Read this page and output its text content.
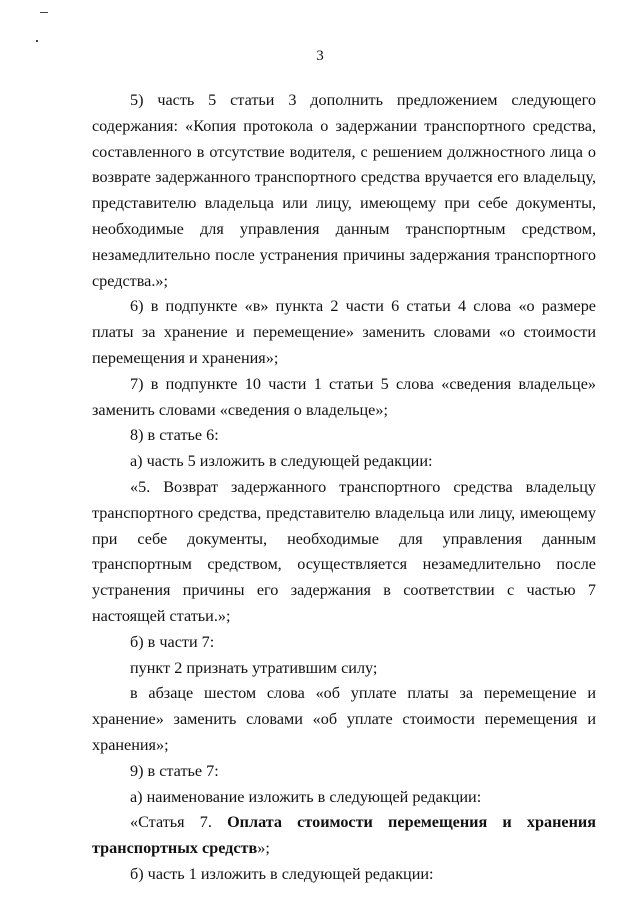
3

5) часть 5 статьи 3 дополнить предложением следующего содержания: «Копия протокола о задержании транспортного средства, составленного в отсутствие водителя, с решением должностного лица о возврате задержанного транспортного средства вручается его владельцу, представителю владельца или лицу, имеющему при себе документы, необходимые для управления данным транспортным средством, незамедлительно после устранения причины задержания транспортного средства.»;

6) в подпункте «в» пункта 2 части 6 статьи 4 слова «о размере платы за хранение и перемещение» заменить словами «о стоимости перемещения и хранения»;

7) в подпункте 10 части 1 статьи 5 слова «сведения владельце» заменить словами «сведения о владельце»;

8) в статье 6:

а) часть 5 изложить в следующей редакции:

«5. Возврат задержанного транспортного средства владельцу транспортного средства, представителю владельца или лицу, имеющему при себе документы, необходимые для управления данным транспортным средством, осуществляется незамедлительно после устранения причины его задержания в соответствии с частью 7 настоящей статьи.»;

б) в части 7:

пункт 2 признать утратившим силу;

в абзаце шестом слова «об уплате платы за перемещение и хранение» заменить словами «об уплате стоимости перемещения и хранения»;

9) в статье 7:

а) наименование изложить в следующей редакции:

«Статья 7. Оплата стоимости перемещения и хранения

транспортных средств»;

б) часть 1 изложить в следующей редакции:
